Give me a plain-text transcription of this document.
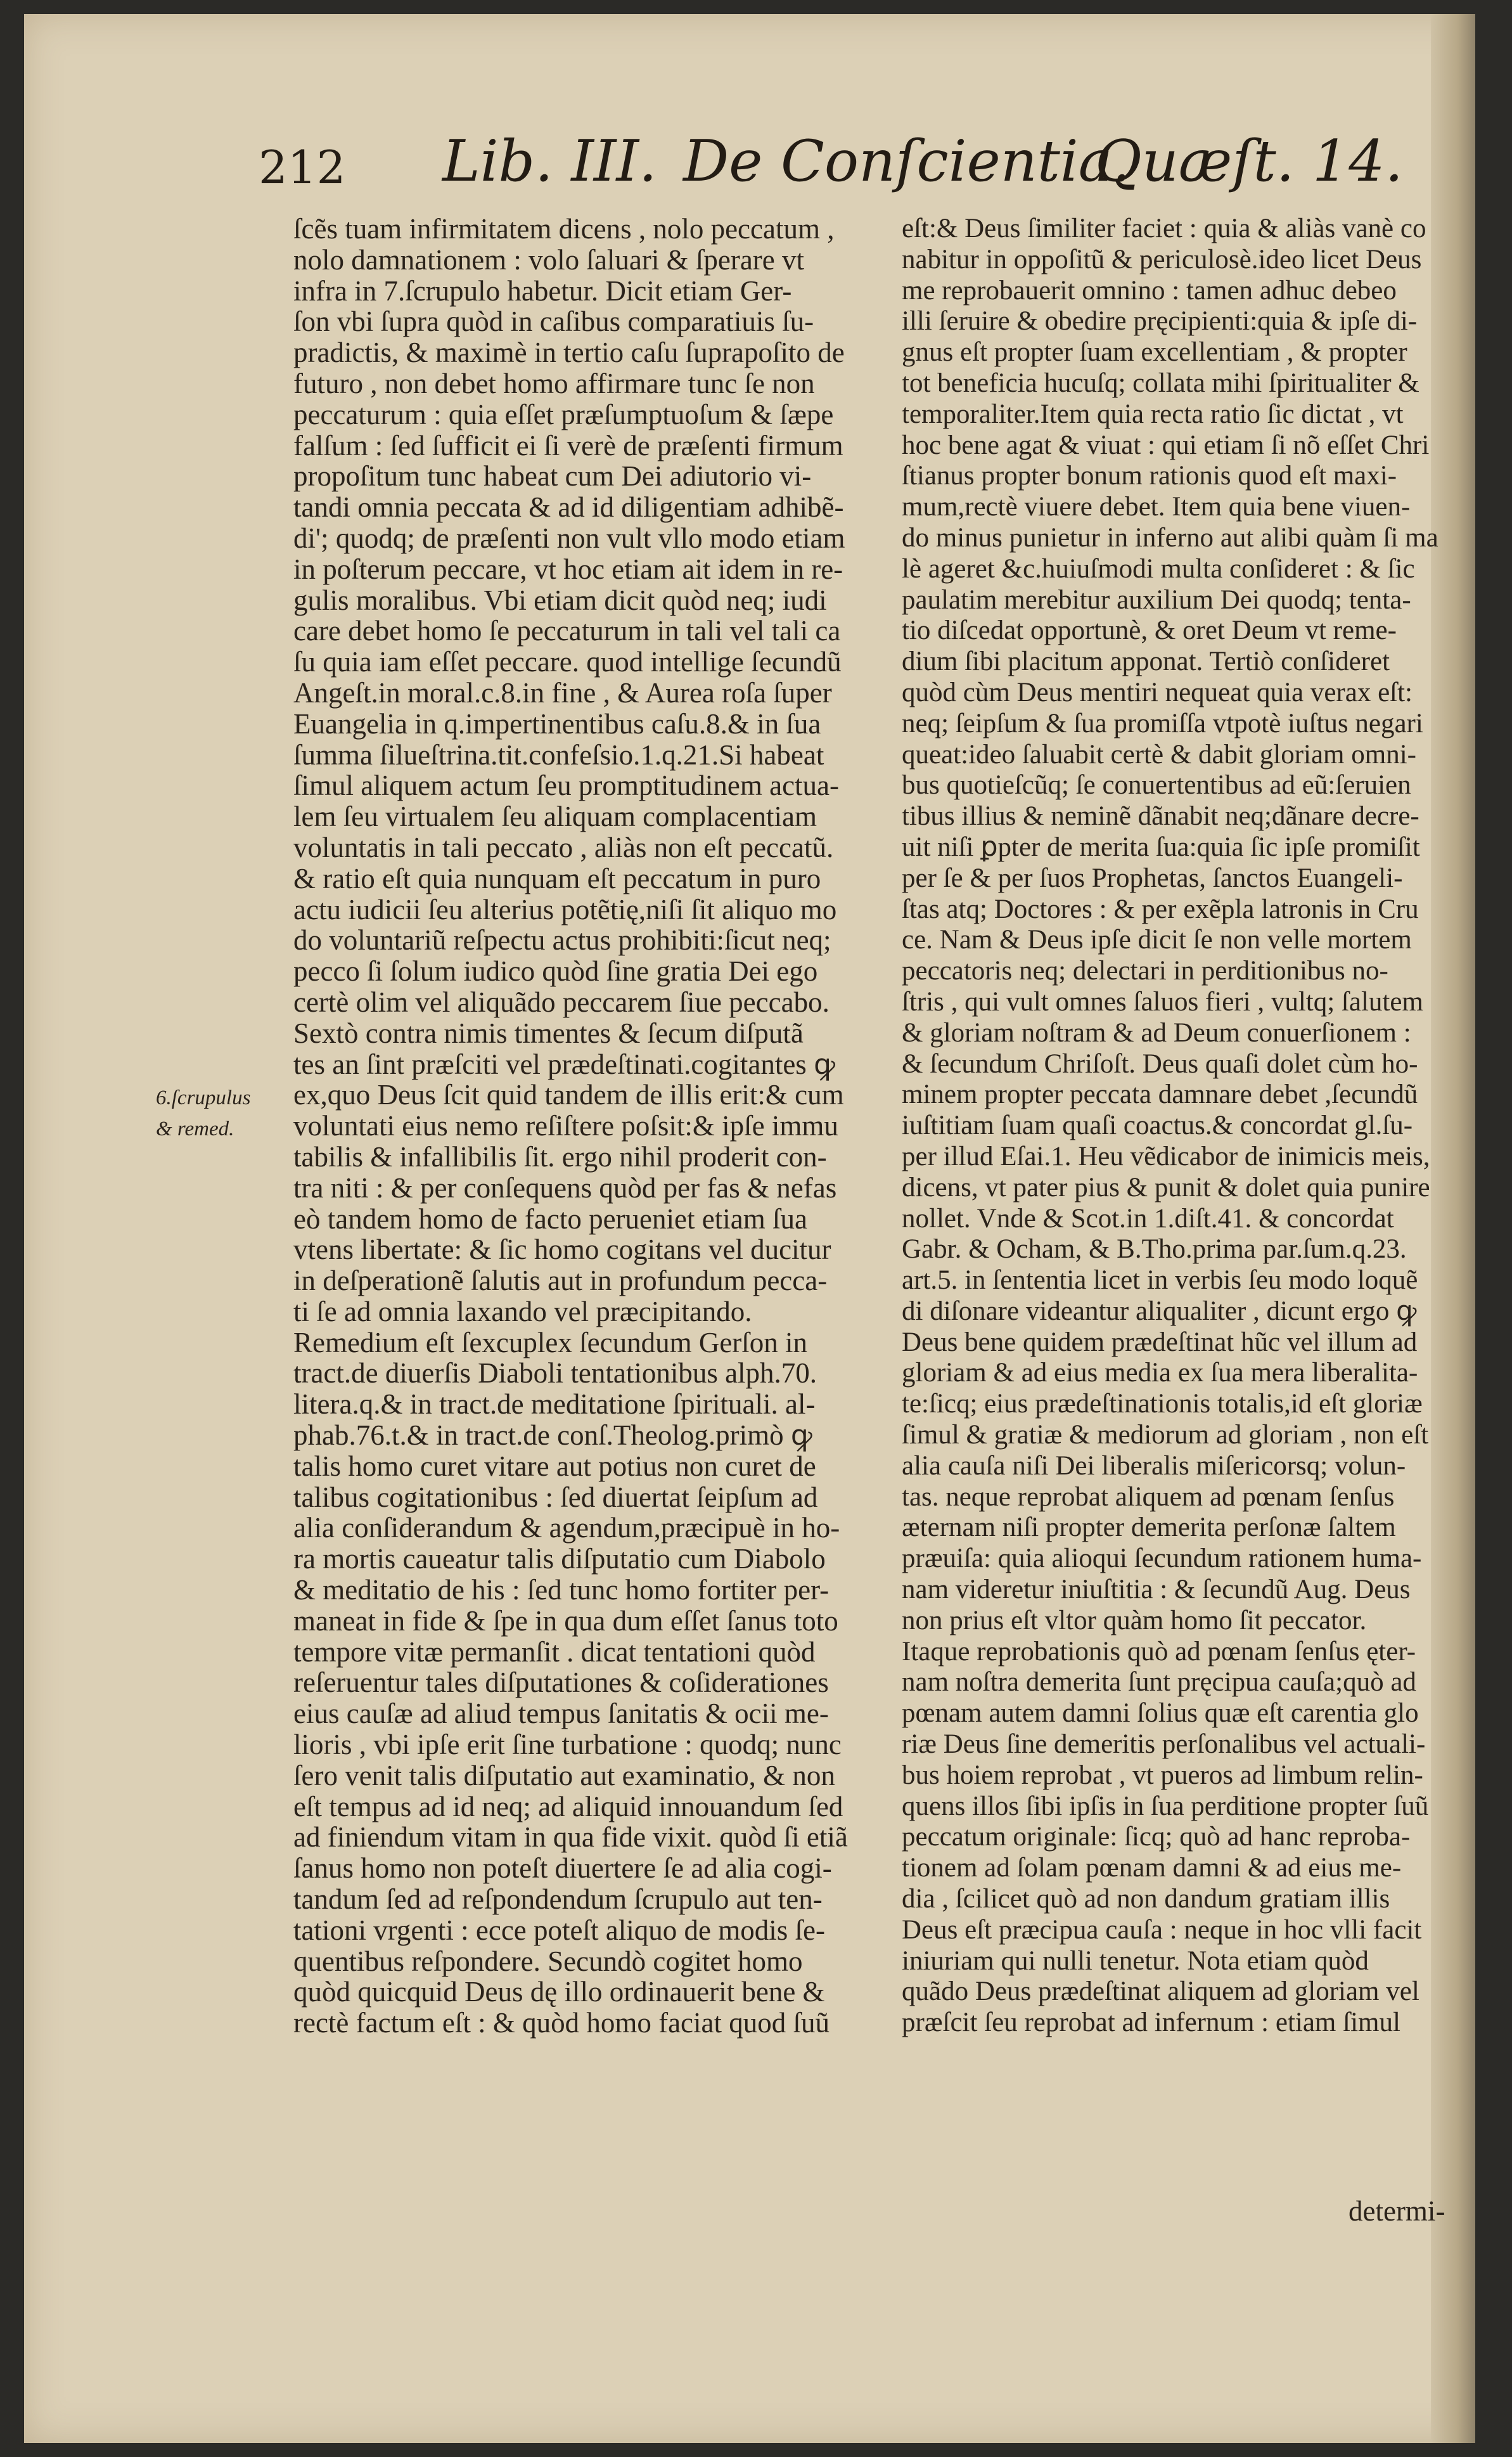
212 Lib. III. De Conſcientia.
Quæſt. 14.
6.ſcrupulus
& remed.
ſcẽs tuam infirmitatem dicens , nolo peccatum ,
nolo damnationem : volo ſaluari & ſperare vt
infra in 7.ſcrupulo habetur. Dicit etiam Ger-
ſon vbi ſupra quòd in caſibus comparatiuis ſu-
pradictis, & maximè in tertio caſu ſuprapoſito de
futuro , non debet homo affirmare tunc ſe non
peccaturum : quia eſſet præſumptuoſum & ſæpe
falſum : ſed ſufficit ei ſi verè de præſenti firmum
propoſitum tunc habeat cum Dei adiutorio vi-
tandi omnia peccata & ad id diligentiam adhibẽ-
di'; quodq; de præſenti non vult vllo modo etiam
in poſterum peccare, vt hoc etiam ait idem in re-
gulis moralibus. Vbi etiam dicit quòd neq; iudi
care debet homo ſe peccaturum in tali vel tali ca
ſu quia iam eſſet peccare. quod intellige ſecundũ
Angeſt.in moral.c.8.in fine , & Aurea roſa ſuper
Euangelia in q.impertinentibus caſu.8.& in ſua
ſumma ſilueſtrina.tit.confeſsio.1.q.21.Si habeat
ſimul aliquem actum ſeu promptitudinem actua-
lem ſeu virtualem ſeu aliquam complacentiam
voluntatis in tali peccato , aliàs non eſt peccatũ.
& ratio eſt quia nunquam eſt peccatum in puro
actu iudicii ſeu alterius potẽtię,niſi ſit aliquo mo
do voluntariũ reſpectu actus prohibiti:ſicut neq;
pecco ſi ſolum iudico quòd ſine gratia Dei ego
certè olim vel aliquãdo peccarem ſiue peccabo.
Sextò contra nimis timentes & ſecum diſputã
tes an ſint præſciti vel prædeſtinati.cogitantes ꝙ
ex,quo Deus ſcit quid tandem de illis erit:& cum
voluntati eius nemo reſiſtere poſsit:& ipſe immu
tabilis & infallibilis ſit. ergo nihil proderit con-
tra niti : & per conſequens quòd per fas & nefas
eò tandem homo de facto perueniet etiam ſua
vtens libertate: & ſic homo cogitans vel ducitur
in deſperationẽ ſalutis aut in profundum pecca-
ti ſe ad omnia laxando vel præcipitando.
Remedium eſt ſexcuplex ſecundum Gerſon in
tract.de diuerſis Diaboli tentationibus alph.70.
litera.q.& in tract.de meditatione ſpirituali. al-
phab.76.t.& in tract.de conſ.Theolog.primò ꝙ
talis homo curet vitare aut potius non curet de
talibus cogitationibus : ſed diuertat ſeipſum ad
alia conſiderandum & agendum,præcipuè in ho-
ra mortis caueatur talis diſputatio cum Diabolo
& meditatio de his : ſed tunc homo fortiter per-
maneat in fide & ſpe in qua dum eſſet ſanus toto
tempore vitæ permanſit . dicat tentationi quòd
reſeruentur tales diſputationes & coſiderationes
eius cauſæ ad aliud tempus ſanitatis & ocii me-
lioris , vbi ipſe erit ſine turbatione : quodq; nunc
ſero venit talis diſputatio aut examinatio, & non
eſt tempus ad id neq; ad aliquid innouandum ſed
ad finiendum vitam in qua fide vixit. quòd ſi etiã
ſanus homo non poteſt diuertere ſe ad alia cogi-
tandum ſed ad reſpondendum ſcrupulo aut ten-
tationi vrgenti : ecce poteſt aliquo de modis ſe-
quentibus reſpondere. Secundò cogitet homo
quòd quicquid Deus dę illo ordinauerit bene &
rectè factum eſt : & quòd homo faciat quod ſuũ
eſt:& Deus ſimiliter faciet : quia & aliàs vanè co
nabitur in oppoſitũ & periculosè.ideo licet Deus
me reprobauerit omnino : tamen adhuc debeo
illi ſeruire & obedire pręcipienti:quia & ipſe di-
gnus eſt propter ſuam excellentiam , & propter
tot beneficia hucuſq; collata mihi ſpiritualiter &
temporaliter.Item quia recta ratio ſic dictat , vt
hoc bene agat & viuat : qui etiam ſi nõ eſſet Chri
ſtianus propter bonum rationis quod eſt maxi-
mum,rectè viuere debet. Item quia bene viuen-
do minus punietur in inferno aut alibi quàm ſi ma
lè ageret &c.huiuſmodi multa conſideret : & ſic
paulatim merebitur auxilium Dei quodq; tenta-
tio diſcedat opportunè, & oret Deum vt reme-
dium ſibi placitum apponat. Tertiò conſideret
quòd cùm Deus mentiri nequeat quia verax eſt:
neq; ſeipſum & ſua promiſſa vtpotè iuſtus negari
queat:ideo ſaluabit certè & dabit gloriam omni-
bus quotieſcũq; ſe conuertentibus ad eũ:ſeruien
tibus illius & neminẽ dãnabit neq;dãnare decre-
uit niſi ꝑpter de merita ſua:quia ſic ipſe promiſit
per ſe & per ſuos Prophetas, ſanctos Euangeli-
ſtas atq; Doctores : & per exẽpla latronis in Cru
ce. Nam & Deus ipſe dicit ſe non velle mortem
peccatoris neq; delectari in perditionibus no-
ſtris , qui vult omnes ſaluos fieri , vultq; ſalutem
& gloriam noſtram & ad Deum conuerſionem :
& ſecundum Chriſoſt. Deus quaſi dolet cùm ho-
minem propter peccata damnare debet ,ſecundũ
iuſtitiam ſuam quaſi coactus.& concordat gl.ſu-
per illud Eſai.1. Heu vẽdicabor de inimicis meis,
dicens, vt pater pius & punit & dolet quia punire
nollet. Vnde & Scot.in 1.diſt.41. & concordat
Gabr. & Ocham, & B.Tho.prima par.ſum.q.23.
art.5. in ſententia licet in verbis ſeu modo loquẽ
di diſonare videantur aliqualiter , dicunt ergo ꝙ
Deus bene quidem prædeſtinat hũc vel illum ad
gloriam & ad eius media ex ſua mera liberalita-
te:ſicq; eius prædeſtinationis totalis,id eſt gloriæ
ſimul & gratiæ & mediorum ad gloriam , non eſt
alia cauſa niſi Dei liberalis miſericorsq; volun-
tas. neque reprobat aliquem ad pœnam ſenſus
æternam niſi propter demerita perſonæ ſaltem
præuiſa: quia alioqui ſecundum rationem huma-
nam videretur iniuſtitia : & ſecundũ Aug. Deus
non prius eſt vltor quàm homo ſit peccator.
Itaque reprobationis quò ad pœnam ſenſus ęter-
nam noſtra demerita ſunt pręcipua cauſa;quò ad
pœnam autem damni ſolius quæ eſt carentia glo
riæ Deus ſine demeritis perſonalibus vel actuali-
bus hoiem reprobat , vt pueros ad limbum relin-
quens illos ſibi ipſis in ſua perditione propter ſuũ
peccatum originale: ſicq; quò ad hanc reproba-
tionem ad ſolam pœnam damni & ad eius me-
dia , ſcilicet quò ad non dandum gratiam illis
Deus eſt præcipua cauſa : neque in hoc vlli facit
iniuriam qui nulli tenetur. Nota etiam quòd
quãdo Deus prædeſtinat aliquem ad gloriam vel
præſcit ſeu reprobat ad infernum : etiam ſimul
determi-
